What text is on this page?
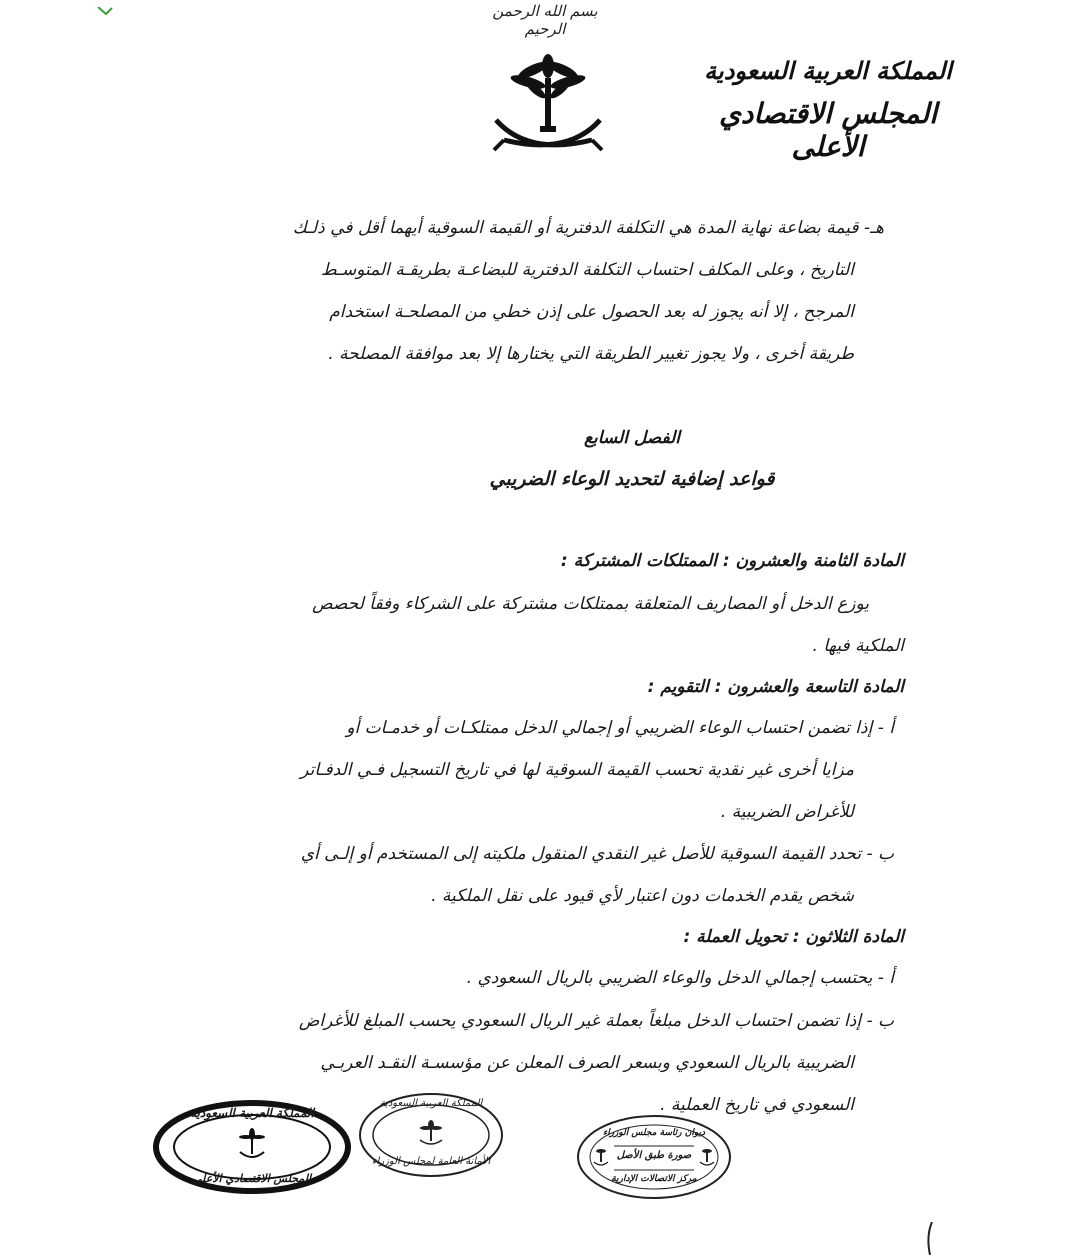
بسم الله الرحمن الرحيم
المملكة العربية السعودية
المجلس الاقتصادي الأعلى
هـ- قيمة بضاعة نهاية المدة هي التكلفة الدفترية أو القيمة السوقية أيهما أقل في ذلـك
التاريخ ، وعلى المكلف احتساب التكلفة الدفترية للبضاعـة بطريقـة المتوسـط
المرجح ، إلا أنه يجوز له بعد الحصول على إذن خطي من المصلحـة استخدام
طريقة أخرى ، ولا يجوز تغيير الطريقة التي يختارها إلا بعد موافقة المصلحة .
الفصل السابع
قواعد إضافية لتحديد الوعاء الضريبي
المادة الثامنة والعشرون : الممتلكات المشتركة :
يوزع الدخل أو المصاريف المتعلقة بممتلكات مشتركة على الشركاء وفقاً لحصص
الملكية فيها .
المادة التاسعة والعشرون : التقويم :
أ - إذا تضمن احتساب الوعاء الضريبي أو إجمالي الدخل ممتلكـات أو خدمـات أو
مزايا أخرى غير نقدية تحسب القيمة السوقية لها في تاريخ التسجيل فـي الدفـاتر
للأغراض الضريبية .
ب - تحدد القيمة السوقية للأصل غير النقدي المنقول ملكيته إلى المستخدم أو إلـى أي
شخص يقدم الخدمات دون اعتبار لأي قيود على نقل الملكية .
المادة الثلاثون : تحويل العملة :
أ - يحتسب إجمالي الدخل والوعاء الضريبي بالريال السعودي .
ب - إذا تضمن احتساب الدخل مبلغاً بعملة غير الريال السعودي يحسب المبلغ للأغراض
الضريبية بالريال السعودي وبسعر الصرف المعلن عن مؤسسـة النقـد العربـي
السعودي في تاريخ العملية .
المملكة العربية السعودية
المجلس الاقتصادي الأعلى
المملكة العربية السعودية
الأمانة العامة لمجلس الوزراء
ديوان رئاسة مجلس الوزراء
صورة طبق الأصل
مركز الاتصالات الإدارية
